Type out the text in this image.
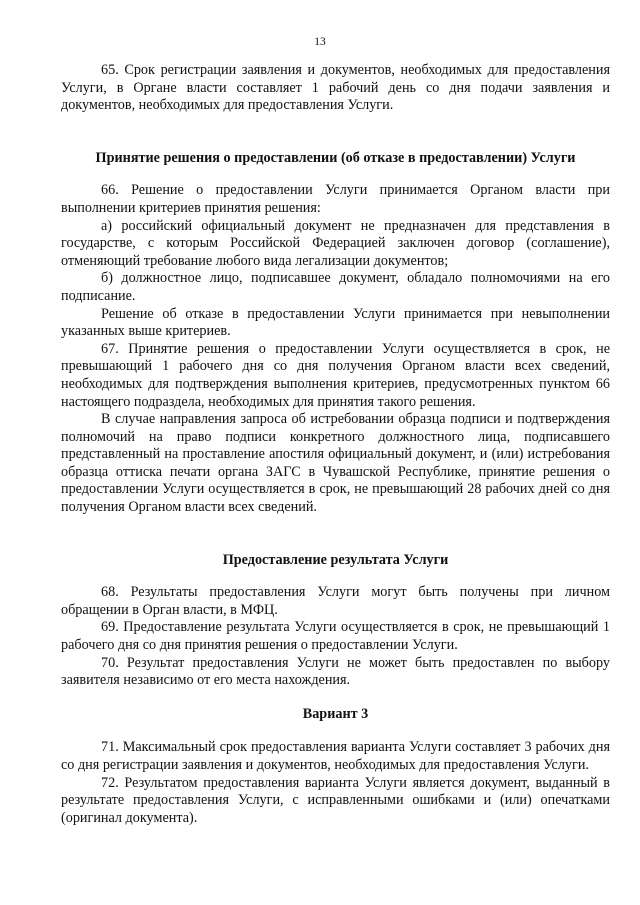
13

65. Срок регистрации заявления и документов, необходимых для предоставления Услуги, в Органе власти составляет 1 рабочий день со дня подачи заявления и документов, необходимых для предоставления Услуги.

Принятие решения о предоставлении (об отказе в предоставлении) Услуги

66. Решение о предоставлении Услуги принимается Органом власти при выполнении критериев принятия решения:

а) российский официальный документ не предназначен для представления в государстве, с которым Российской Федерацией заключен договор (соглашение), отменяющий требование любого вида легализации документов;

б) должностное лицо, подписавшее документ, обладало полномочиями на его подписание.

Решение об отказе в предоставлении Услуги принимается при невыполнении указанных выше критериев.

67. Принятие решения о предоставлении Услуги осуществляется в срок, не превышающий 1 рабочего дня со дня получения Органом власти всех сведений, необходимых для подтверждения выполнения критериев, предусмотренных пунктом 66 настоящего подраздела, необходимых для принятия такого решения.

В случае направления запроса об истребовании образца подписи и подтверждения полномочий на право подписи конкретного должностного лица, подписавшего представленный на проставление апостиля официальный документ, и (или) истребования образца оттиска печати органа ЗАГС в Чувашской Республике, принятие решения о предоставлении Услуги осуществляется в срок, не превышающий 28 рабочих дней со дня получения Органом власти всех сведений.

Предоставление результата Услуги

68. Результаты предоставления Услуги могут быть получены при личном обращении в Орган власти, в МФЦ.

69. Предоставление результата Услуги осуществляется в срок, не превышающий 1 рабочего дня со дня принятия решения о предоставлении Услуги.

70. Результат предоставления Услуги не может быть предоставлен по выбору заявителя независимо от его места нахождения.

Вариант 3

71. Максимальный срок предоставления варианта Услуги составляет 3 рабочих дня со дня регистрации заявления и документов, необходимых для предоставления Услуги.

72. Результатом предоставления варианта Услуги является документ, выданный в результате предоставления Услуги, с исправленными ошибками и (или) опечатками (оригинал документа).
